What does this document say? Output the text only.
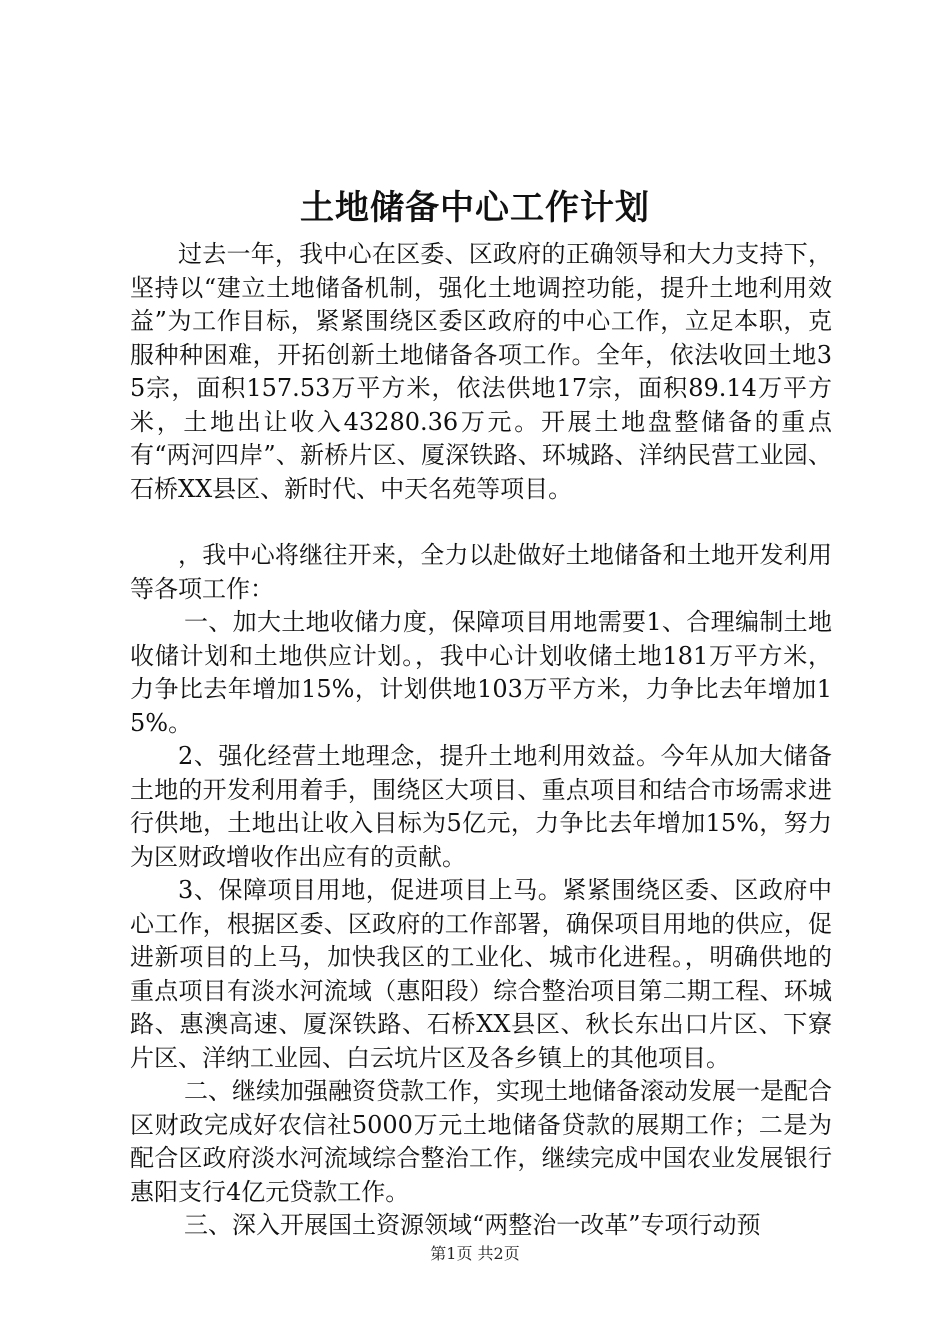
土地储备中心工作计划

过去一年，我中心在区委、区政府的正确领导和大力支持下，坚持以“建立土地储备机制，强化土地调控功能，提升土地利用效益”为工作目标，紧紧围绕区委区政府的中心工作，立足本职，克服种种困难，开拓创新土地储备各项工作。全年，依法收回土地35宗，面积157.53万平方米，依法供地17宗，面积89.14万平方米，土地出让收入43280.36万元。开展土地盘整储备的重点有“两河四岸”、新桥片区、厦深铁路、环城路、洋纳民营工业园、石桥XX县区、新时代、中天名苑等项目。

，我中心将继往开来，全力以赴做好土地储备和土地开发利用等各项工作：

一、加大土地收储力度，保障项目用地需要1、合理编制土地收储计划和土地供应计划。，我中心计划收储土地181万平方米，力争比去年增加15%，计划供地103万平方米，力争比去年增加15%。

2、强化经营土地理念，提升土地利用效益。今年从加大储备土地的开发利用着手，围绕区大项目、重点项目和结合市场需求进行供地，土地出让收入目标为5亿元，力争比去年增加15%，努力为区财政增收作出应有的贡献。

3、保障项目用地，促进项目上马。紧紧围绕区委、区政府中心工作，根据区委、区政府的工作部署，确保项目用地的供应，促进新项目的上马，加快我区的工业化、城市化进程。，明确供地的重点项目有淡水河流域（惠阳段）综合整治项目第二期工程、环城路、惠澳高速、厦深铁路、石桥XX县区、秋长东出口片区、下寮片区、洋纳工业园、白云坑片区及各乡镇上的其他项目。

二、继续加强融资贷款工作，实现土地储备滚动发展一是配合区财政完成好农信社5000万元土地储备贷款的展期工作；二是为配合区政府淡水河流域综合整治工作，继续完成中国农业发展银行惠阳支行4亿元贷款工作。

三、深入开展国土资源领域“两整治一改革”专项行动预

第1页 共2页
